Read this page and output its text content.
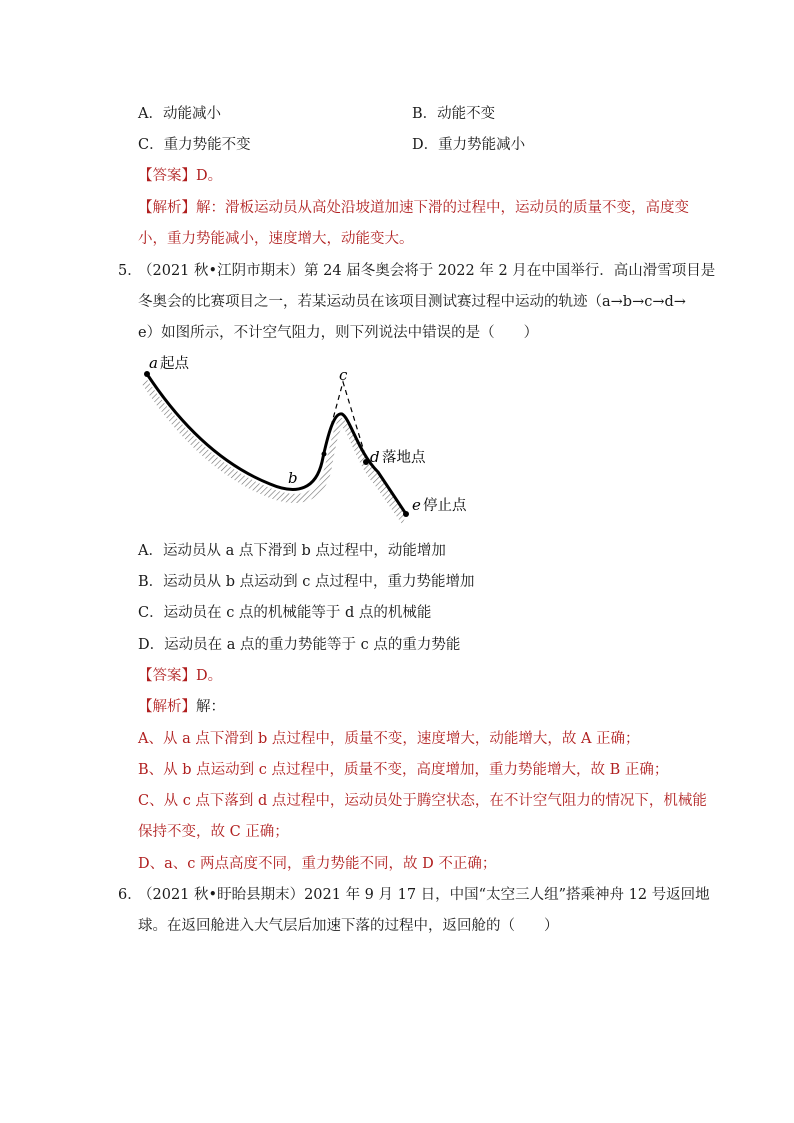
A．动能减小	B．动能不变
C．重力势能不变	D．重力势能减小
【答案】D。
【解析】解：滑板运动员从高处沿坡道加速下滑的过程中，运动员的质量不变，高度变
小，重力势能减小，速度增大，动能变大。
5．
（2021 秋•江阴市期末）第 24 届冬奥会将于 2022 年 2 月在中国举行．高山滑雪项目是
冬奥会的比赛项目之一，若某运动员在该项目测试赛过程中运动的轨迹（a→b→c→d→
e）如图所示，不计空气阻力，则下列说法中错误的是（　　）
a 起点
b
c
d 落地点
e 停止点
A．运动员从 a 点下滑到 b 点过程中，动能增加
B．运动员从 b 点运动到 c 点过程中，重力势能增加
C．运动员在 c 点的机械能等于 d 点的机械能
D．运动员在 a 点的重力势能等于 c 点的重力势能
【答案】D。
【解析】解：
A、从 a 点下滑到 b 点过程中，质量不变，速度增大，动能增大，故 A 正确；
B、从 b 点运动到 c 点过程中，质量不变，高度增加，重力势能增大，故 B 正确；
C、从 c 点下落到 d 点过程中，运动员处于腾空状态，在不计空气阻力的情况下，机械能
保持不变，故 C 正确；
D、a、c 两点高度不同，重力势能不同，故 D 不正确；
6．
（2021 秋•盱眙县期末）2021 年 9 月 17 日，中国“太空三人组”搭乘神舟 12 号返回地
球。在返回舱进入大气层后加速下落的过程中，返回舱的（　　）
